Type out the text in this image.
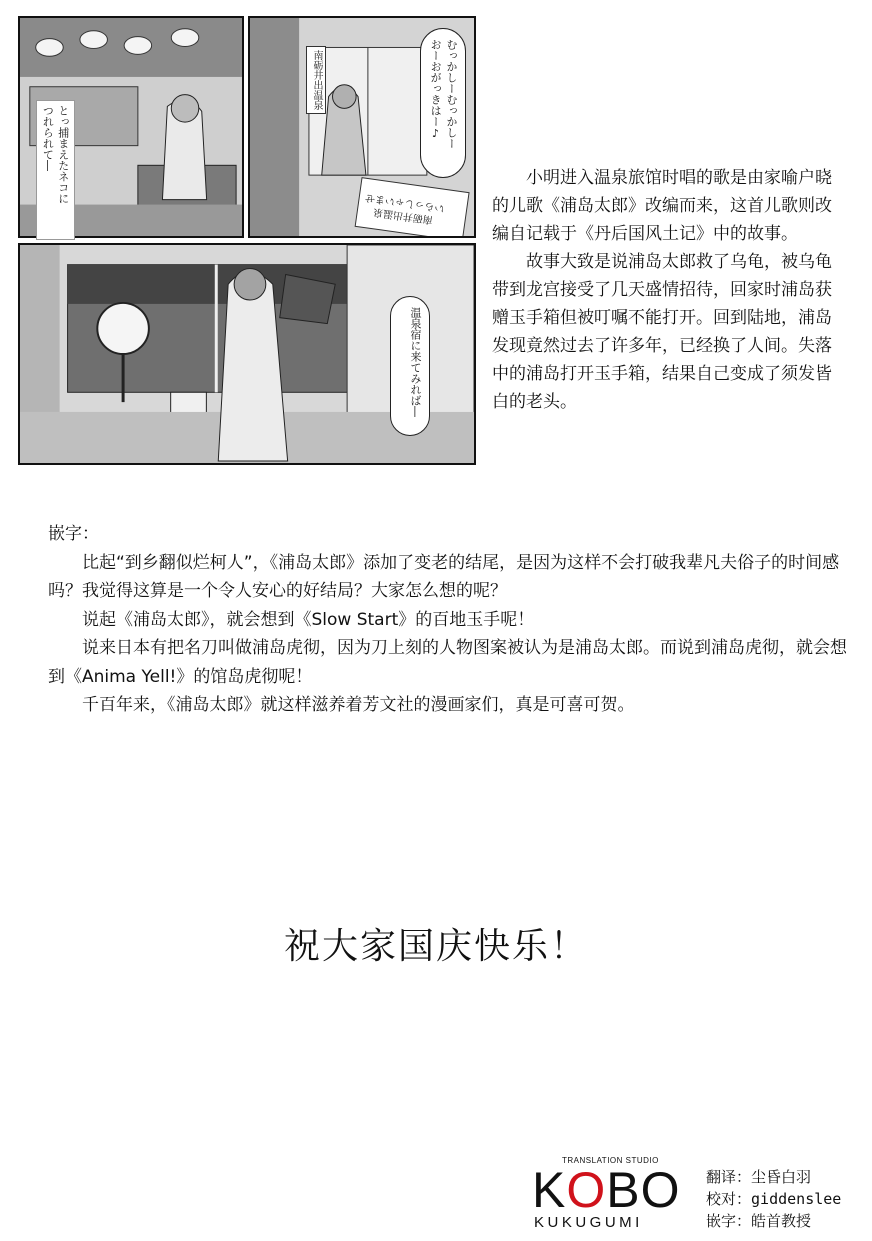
とっ捕まえたネコに
つれられて―	むっかしーむっかしー
おーおがっきはー♪
南砺井出温泉
南砺井出温泉
いらっしゃいませ
温泉宿に来てみれば―

小明进入温泉旅馆时唱的歌是由家喻户晓的儿歌《浦岛太郎》改编而来，这首儿歌则改编自记载于《丹后国风土记》中的故事。

故事大致是说浦岛太郎救了乌龟，被乌龟带到龙宫接受了几天盛情招待，回家时浦岛获赠玉手箱但被叮嘱不能打开。回到陆地，浦岛发现竟然过去了许多年，已经换了人间。失落中的浦岛打开玉手箱，结果自己变成了须发皆白的老头。

嵌字：

比起“到乡翻似烂柯人”，《浦岛太郎》添加了变老的结尾，是因为这样不会打破我辈凡夫俗子的时间感吗？我觉得这算是一个令人安心的好结局？大家怎么想的呢？

说起《浦岛太郎》，就会想到《Slow Start》的百地玉手呢！

说来日本有把名刀叫做浦岛虎彻，因为刀上刻的人物图案被认为是浦岛太郎。而说到浦岛虎彻，就会想到《Anima Yell!》的馆岛虎彻呢！

千百年来，《浦岛太郎》就这样滋养着芳文社的漫画家们，真是可喜可贺。

祝大家国庆快乐！
TRANSLATION STUDIO
KOBO
KUKUGUMI
翻译：尘昏白羽
校对：giddenslee
嵌字：皓首教授
